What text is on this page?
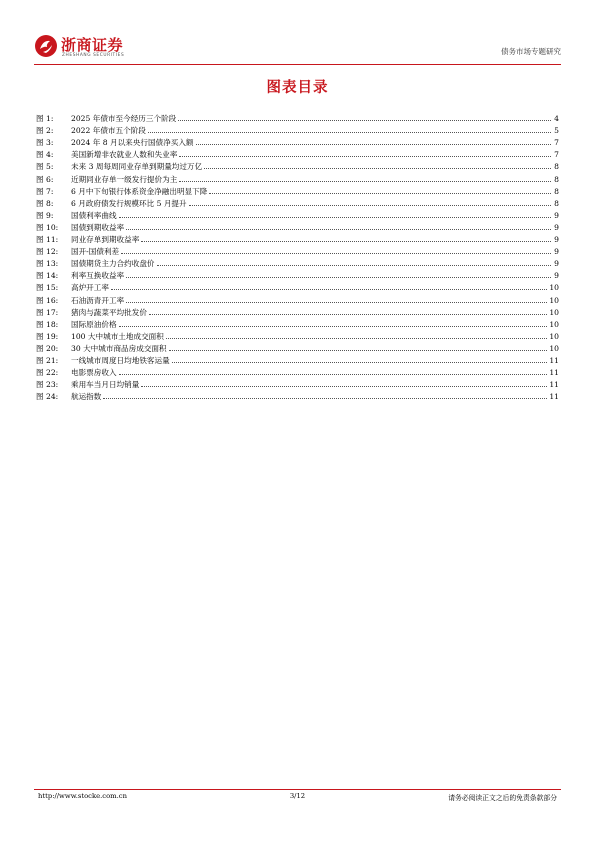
浙商证券
ZHESHANG SECURITIES	债务市场专题研究
图表目录
图 1:	2025 年债市至今经历三个阶段	4
图 2:	2022 年债市五个阶段	5
图 3:	2024 年 8 月以来央行国债净买入额	7
图 4:	美国新增非农就业人数和失业率	7
图 5:	未来 3 周每周同业存单到期量均过万亿	8
图 6:	近期同业存单一级发行提价为主	8
图 7:	6 月中下旬银行体系资金净融出明显下降	8
图 8:	6 月政府债发行规模环比 5 月提升	8
图 9:	国债利率曲线	9
图 10:	国债到期收益率	9
图 11:	同业存单到期收益率	9
图 12:	国开-国债利差	9
图 13:	国债期货主力合约收盘价	9
图 14:	利率互换收益率	9
图 15:	高炉开工率	10
图 16:	石油沥青开工率	10
图 17:	猪肉与蔬菜平均批发价	10
图 18:	国际原油价格	10
图 19:	100 大中城市土地成交面积	10
图 20:	30 大中城市商品房成交面积	10
图 21:	一线城市周度日均地铁客运量	11
图 22:	电影票房收入	11
图 23:	乘用车当月日均销量	11
图 24:	航运指数	11
http://www.stocke.com.cn	3/12	请务必阅读正文之后的免责条款部分
